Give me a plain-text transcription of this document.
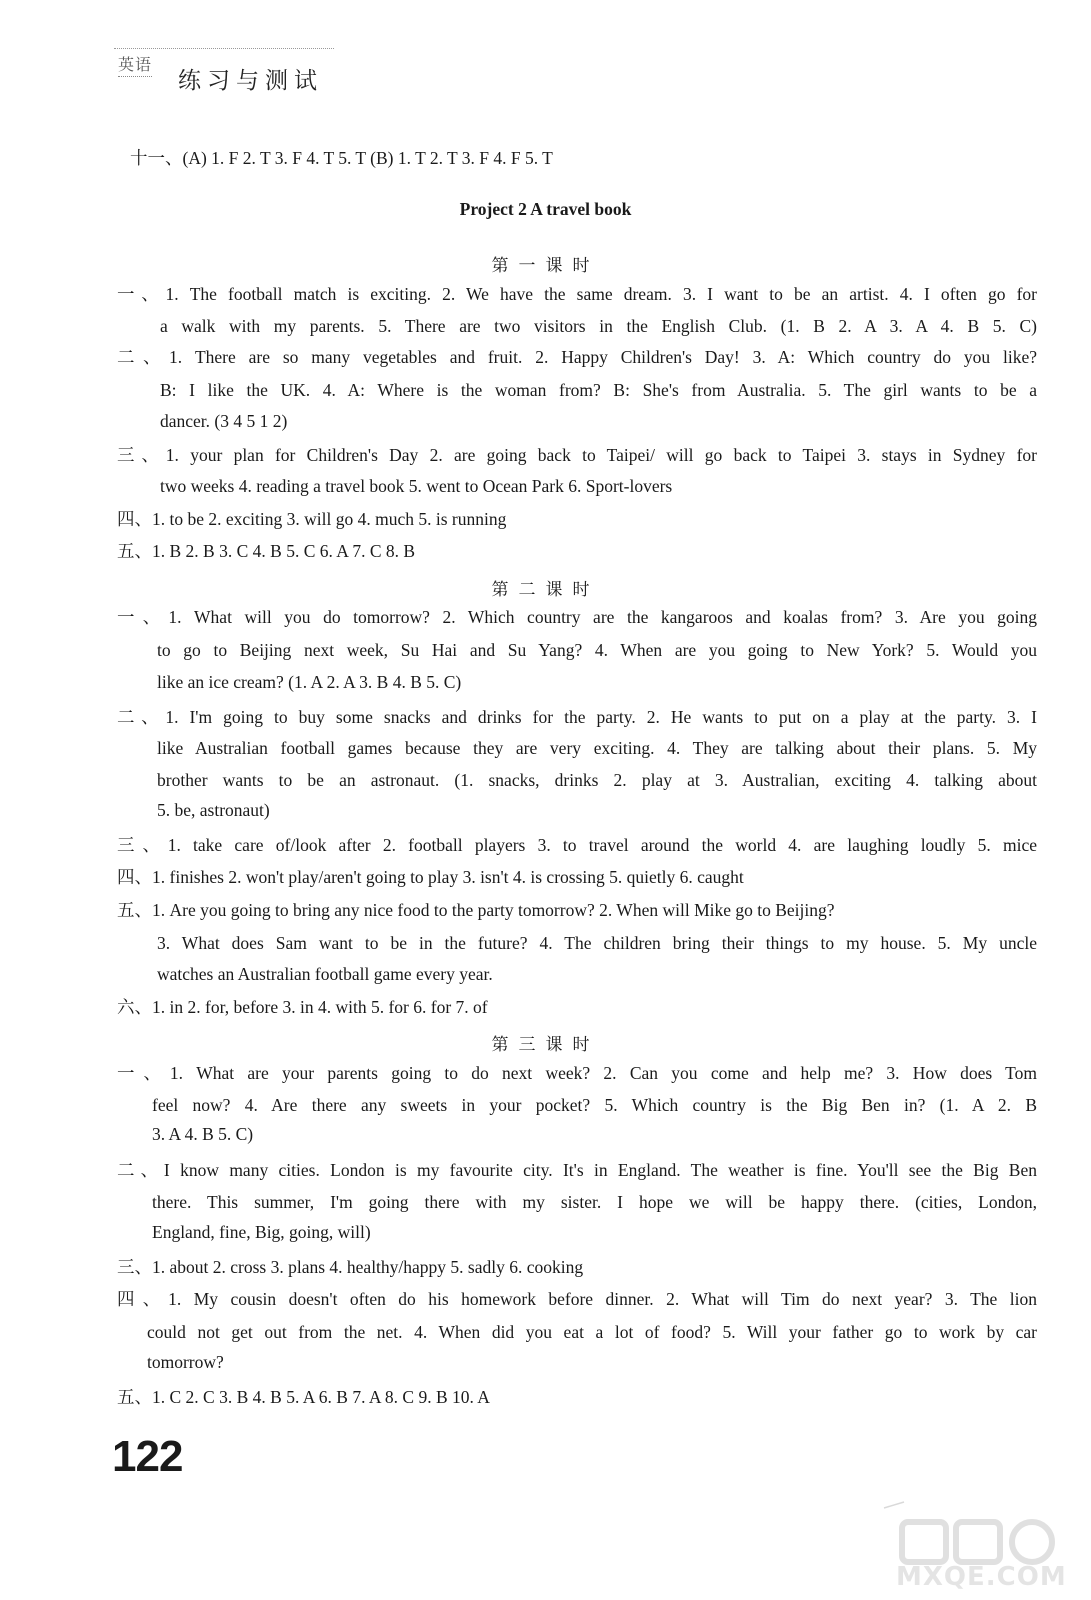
英语
练习与测试
十一、(A) 1. F 2. T 3. F 4. T 5. T (B) 1. T 2. T 3. F 4. F 5. T
Project 2 A travel book
第一课时
一、1. The football match is exciting. 2. We have the same dream. 3. I want to be an artist. 4. I often go for
a walk with my parents. 5. There are two visitors in the English Club. (1. B 2. A 3. A 4. B 5. C)
二、1. There are so many vegetables and fruit. 2. Happy Children's Day! 3. A: Which country do you like?
B: I like the UK. 4. A: Where is the woman from? B: She's from Australia. 5. The girl wants to be a
dancer. (3 4 5 1 2)
三、1. your plan for Children's Day 2. are going back to Taipei/ will go back to Taipei 3. stays in Sydney for
two weeks 4. reading a travel book 5. went to Ocean Park 6. Sport-lovers
四、1. to be 2. exciting 3. will go 4. much 5. is running
五、1. B 2. B 3. C 4. B 5. C 6. A 7. C 8. B
第二课时
一、1. What will you do tomorrow? 2. Which country are the kangaroos and koalas from? 3. Are you going
to go to Beijing next week, Su Hai and Su Yang? 4. When are you going to New York? 5. Would you
like an ice cream? (1. A 2. A 3. B 4. B 5. C)
二、1. I'm going to buy some snacks and drinks for the party. 2. He wants to put on a play at the party. 3. I
like Australian football games because they are very exciting. 4. They are talking about their plans. 5. My
brother wants to be an astronaut. (1. snacks, drinks 2. play at 3. Australian, exciting 4. talking about
5. be, astronaut)
三、1. take care of/look after 2. football players 3. to travel around the world 4. are laughing loudly 5. mice
四、1. finishes 2. won't play/aren't going to play 3. isn't 4. is crossing 5. quietly 6. caught
五、1. Are you going to bring any nice food to the party tomorrow? 2. When will Mike go to Beijing?
3. What does Sam want to be in the future? 4. The children bring their things to my house. 5. My uncle
watches an Australian football game every year.
六、1. in 2. for, before 3. in 4. with 5. for 6. for 7. of
第三课时
一、1. What are your parents going to do next week? 2. Can you come and help me? 3. How does Tom
feel now? 4. Are there any sweets in your pocket? 5. Which country is the Big Ben in? (1. A 2. B
3. A 4. B 5. C)
二、I know many cities. London is my favourite city. It's in England. The weather is fine. You'll see the Big Ben
there. This summer, I'm going there with my sister. I hope we will be happy there. (cities, London,
England, fine, Big, going, will)
三、1. about 2. cross 3. plans 4. healthy/happy 5. sadly 6. cooking
四、1. My cousin doesn't often do his homework before dinner. 2. What will Tim do next year? 3. The lion
could not get out from the net. 4. When did you eat a lot of food? 5. Will your father go to work by car
tomorrow?
五、1. C 2. C 3. B 4. B 5. A 6. B 7. A 8. C 9. B 10. A
122
MXQE.COM
